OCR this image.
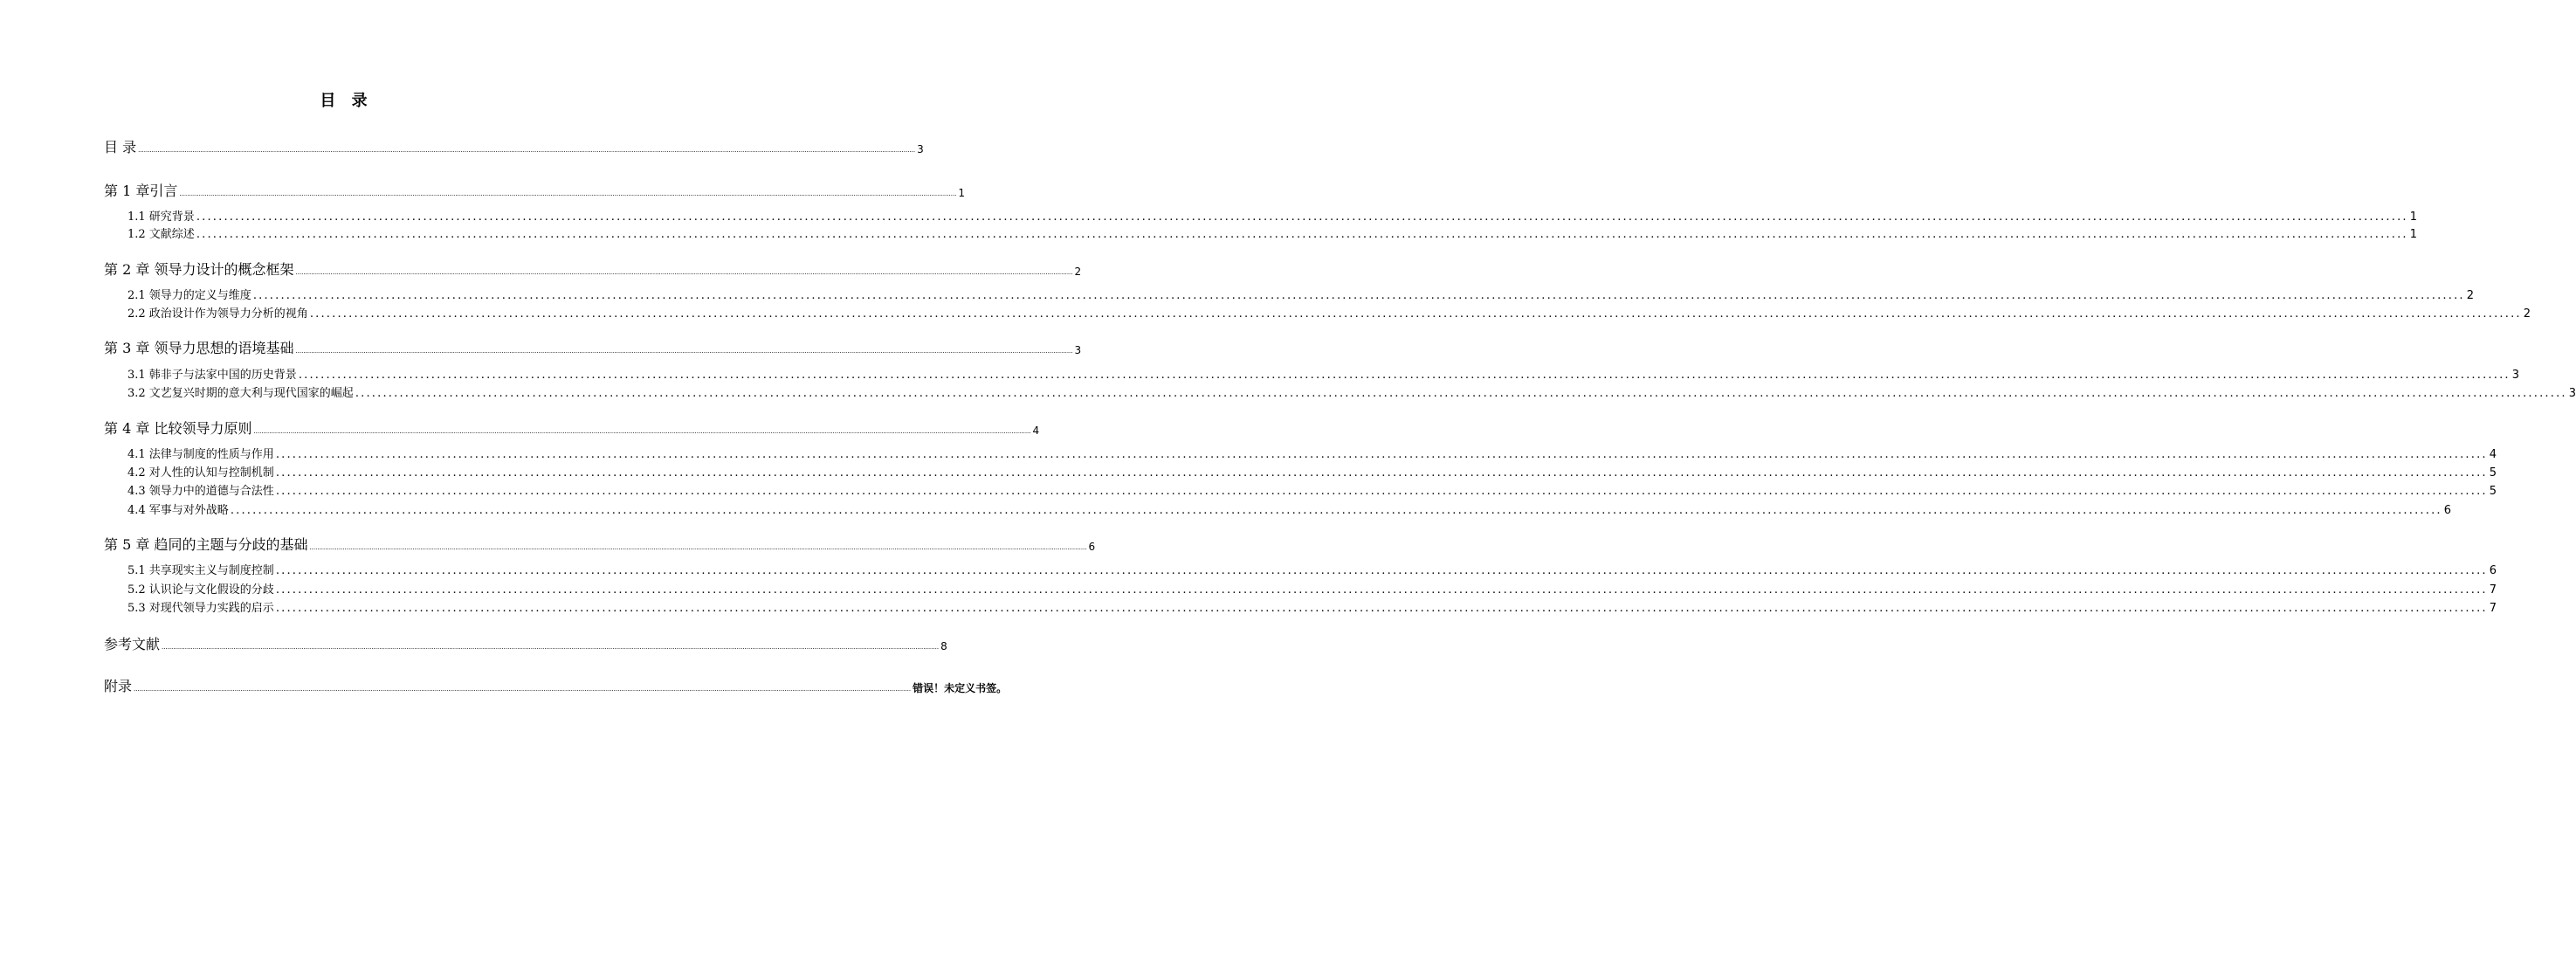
目 录
目 录 ................................................................................................................................................................................................................................................................................................................................................................................................................ 3
第 1 章引言 ................................................................................................................................................................................................................................................................................................................................................................................................................ 1
1.1 研究背景 ................................................................................................................................................................................................................................................................................................................................................................................................................ 1
1.2 文献综述 ................................................................................................................................................................................................................................................................................................................................................................................................................ 1
第 2 章 领导力设计的概念框架 ................................................................................................................................................................................................................................................................................................................................................................................................................ 2
2.1 领导力的定义与维度 ................................................................................................................................................................................................................................................................................................................................................................................................................ 2
2.2 政治设计作为领导力分析的视角 ................................................................................................................................................................................................................................................................................................................................................................................................................ 2
第 3 章 领导力思想的语境基础 ................................................................................................................................................................................................................................................................................................................................................................................................................ 3
3.1 韩非子与法家中国的历史背景 ................................................................................................................................................................................................................................................................................................................................................................................................................ 3
3.2 文艺复兴时期的意大利与现代国家的崛起 ................................................................................................................................................................................................................................................................................................................................................................................................................ 3
第 4 章 比较领导力原则 ................................................................................................................................................................................................................................................................................................................................................................................................................ 4
4.1 法律与制度的性质与作用 ................................................................................................................................................................................................................................................................................................................................................................................................................ 4
4.2 对人性的认知与控制机制 ................................................................................................................................................................................................................................................................................................................................................................................................................ 5
4.3 领导力中的道德与合法性 ................................................................................................................................................................................................................................................................................................................................................................................................................ 5
4.4 军事与对外战略 ................................................................................................................................................................................................................................................................................................................................................................................................................ 6
第 5 章 趋同的主题与分歧的基础 ................................................................................................................................................................................................................................................................................................................................................................................................................ 6
5.1 共享现实主义与制度控制 ................................................................................................................................................................................................................................................................................................................................................................................................................ 6
5.2 认识论与文化假设的分歧 ................................................................................................................................................................................................................................................................................................................................................................................................................ 7
5.3 对现代领导力实践的启示 ................................................................................................................................................................................................................................................................................................................................................................................................................ 7
参考文献 ................................................................................................................................................................................................................................................................................................................................................................................................................ 8
附录 ................................................................................................................................................................................................................................................................................................................................................................................................................ 错误！未定义书签。
